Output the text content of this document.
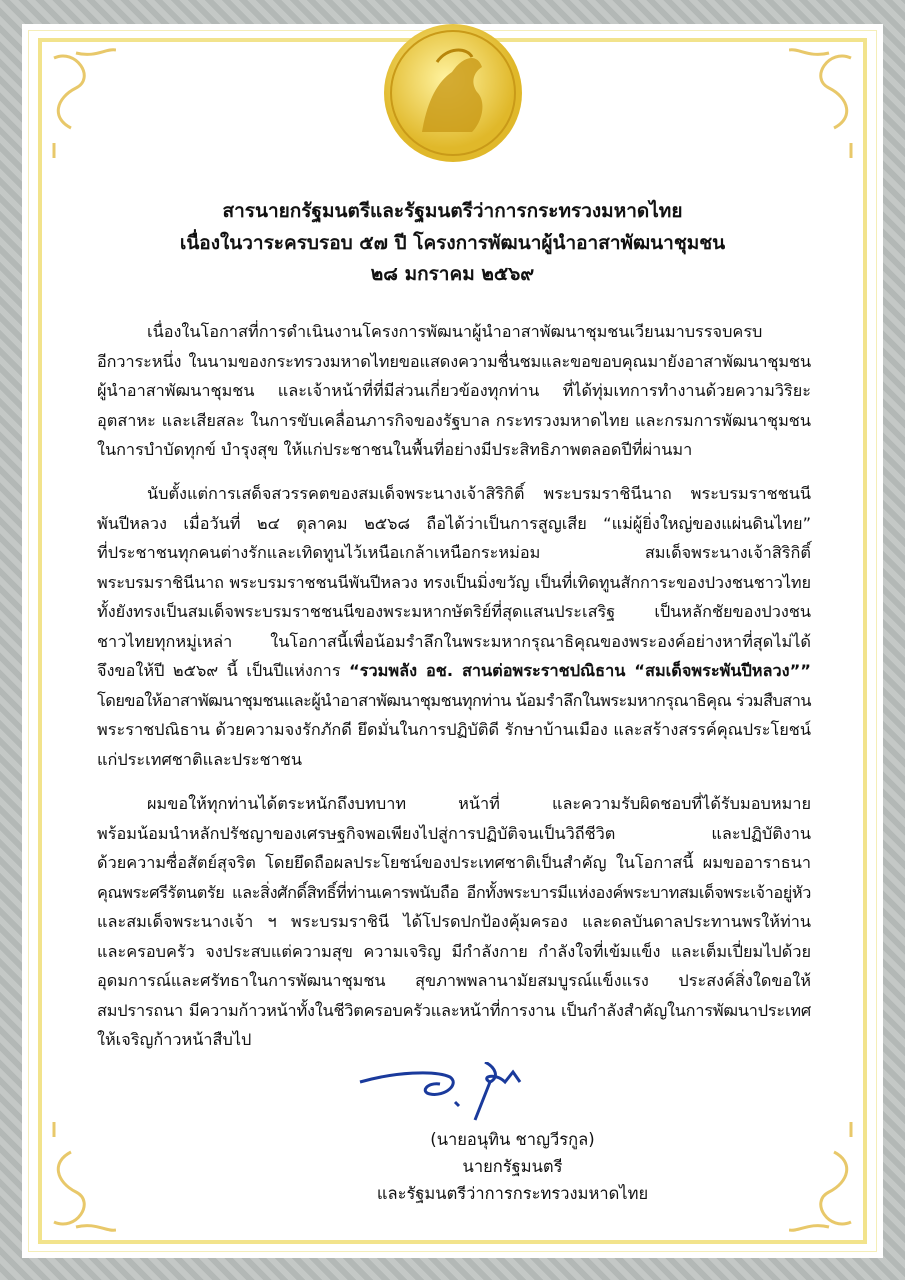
สารนายกรัฐมนตรีและรัฐมนตรีว่าการกระทรวงมหาดไทย
เนื่องในวาระครบรอบ ๕๗ ปี โครงการพัฒนาผู้นำอาสาพัฒนาชุมชน
๒๘ มกราคม ๒๕๖๙
เนื่องในโอกาสที่การดำเนินงานโครงการพัฒนาผู้นำอาสาพัฒนาชุมชนเวียนมาบรรจบครบ
อีกวาระหนึ่ง ในนามของกระทรวงมหาดไทยขอแสดงความชื่นชมและขอขอบคุณมายังอาสาพัฒนาชุมชน
ผู้นำอาสาพัฒนาชุมชน และเจ้าหน้าที่ที่มีส่วนเกี่ยวข้องทุกท่าน ที่ได้ทุ่มเทการทำงานด้วยความวิริยะ
อุตสาหะ และเสียสละ ในการขับเคลื่อนภารกิจของรัฐบาล กระทรวงมหาดไทย และกรมการพัฒนาชุมชน
ในการบำบัดทุกข์ บำรุงสุข ให้แก่ประชาชนในพื้นที่อย่างมีประสิทธิภาพตลอดปีที่ผ่านมา
นับตั้งแต่การเสด็จสวรรคตของสมเด็จพระนางเจ้าสิริกิติ์ พระบรมราชินีนาถ พระบรมราชชนนี
พันปีหลวง เมื่อวันที่ ๒๔ ตุลาคม ๒๕๖๘ ถือได้ว่าเป็นการสูญเสีย “แม่ผู้ยิ่งใหญ่ของแผ่นดินไทย”
ที่ประชาชนทุกคนต่างรักและเทิดทูนไว้เหนือเกล้าเหนือกระหม่อม สมเด็จพระนางเจ้าสิริกิติ์
พระบรมราชินีนาถ พระบรมราชชนนีพันปีหลวง ทรงเป็นมิ่งขวัญ เป็นที่เทิดทูนสักการะของปวงชนชาวไทย
ทั้งยังทรงเป็นสมเด็จพระบรมราชชนนีของพระมหากษัตริย์ที่สุดแสนประเสริฐ เป็นหลักชัยของปวงชน
ชาวไทยทุกหมู่เหล่า ในโอกาสนี้เพื่อน้อมรำลึกในพระมหากรุณาธิคุณของพระองค์อย่างหาที่สุดไม่ได้
จึงขอให้ปี ๒๕๖๙ นี้ เป็นปีแห่งการ “รวมพลัง อช. สานต่อพระราชปณิธาน “สมเด็จพระพันปีหลวง””
โดยขอให้อาสาพัฒนาชุมชนและผู้นำอาสาพัฒนาชุมชนทุกท่าน น้อมรำลึกในพระมหากรุณาธิคุณ ร่วมสืบสาน
พระราชปณิธาน ด้วยความจงรักภักดี ยึดมั่นในการปฏิบัติดี รักษาบ้านเมือง และสร้างสรรค์คุณประโยชน์
แก่ประเทศชาติและประชาชน
ผมขอให้ทุกท่านได้ตระหนักถึงบทบาท หน้าที่ และความรับผิดชอบที่ได้รับมอบหมาย
พร้อมน้อมนำหลักปรัชญาของเศรษฐกิจพอเพียงไปสู่การปฏิบัติจนเป็นวิถีชีวิต และปฏิบัติงาน
ด้วยความซื่อสัตย์สุจริต โดยยึดถือผลประโยชน์ของประเทศชาติเป็นสำคัญ ในโอกาสนี้ ผมขออาราธนา
คุณพระศรีรัตนตรัย และสิ่งศักดิ์สิทธิ์ที่ท่านเคารพนับถือ อีกทั้งพระบารมีแห่งองค์พระบาทสมเด็จพระเจ้าอยู่หัว
และสมเด็จพระนางเจ้า ฯ พระบรมราชินี ได้โปรดปกป้องคุ้มครอง และดลบันดาลประทานพรให้ท่าน
และครอบครัว จงประสบแต่ความสุข ความเจริญ มีกำลังกาย กำลังใจที่เข้มแข็ง และเต็มเปี่ยมไปด้วย
อุดมการณ์และศรัทธาในการพัฒนาชุมชน สุขภาพพลานามัยสมบูรณ์แข็งแรง ประสงค์สิ่งใดขอให้
สมปรารถนา มีความก้าวหน้าทั้งในชีวิตครอบครัวและหน้าที่การงาน เป็นกำลังสำคัญในการพัฒนาประเทศ
ให้เจริญก้าวหน้าสืบไป
(นายอนุทิน ชาญวีรกูล)
นายกรัฐมนตรี
และรัฐมนตรีว่าการกระทรวงมหาดไทย
